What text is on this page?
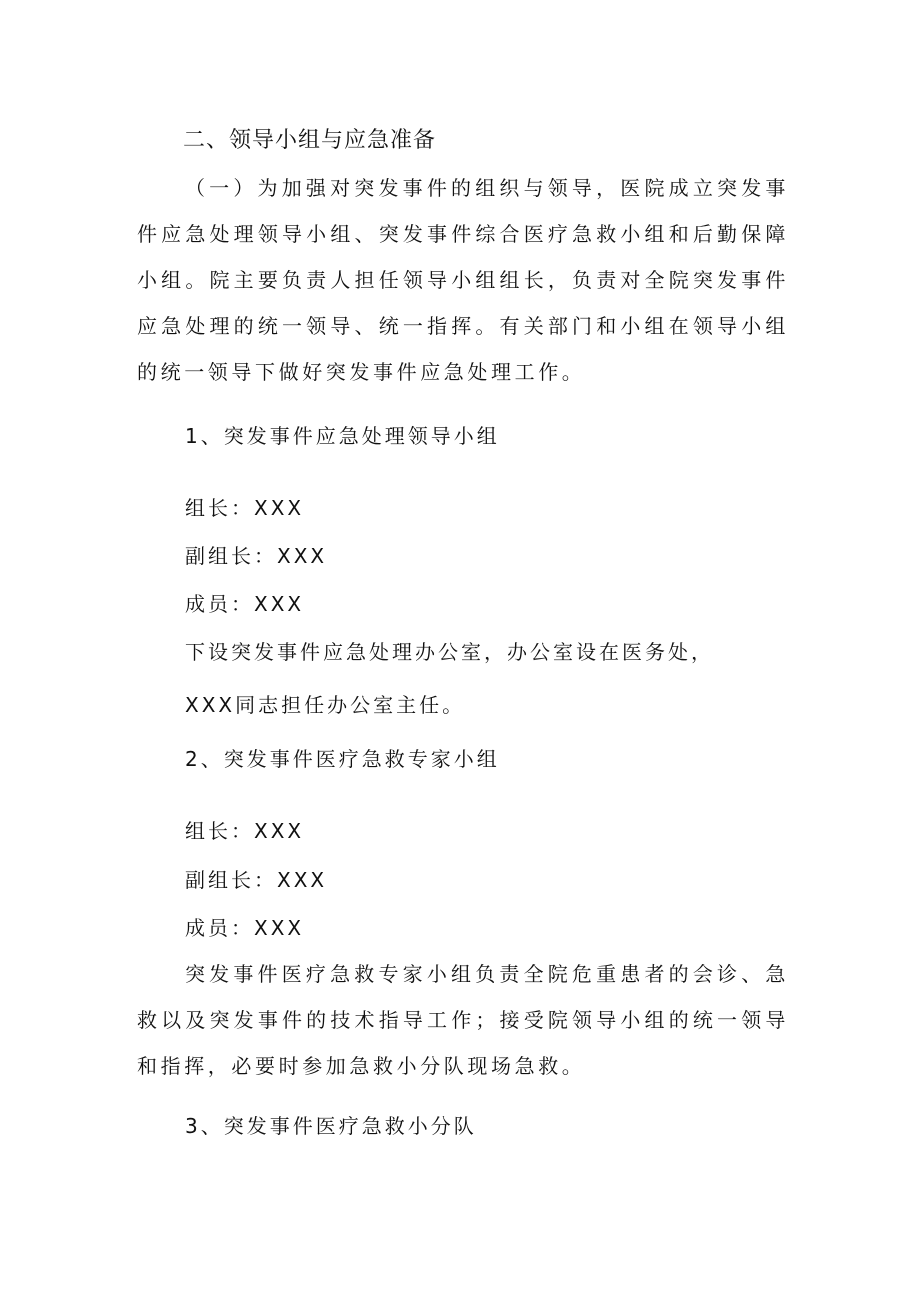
二、领导小组与应急准备
（一）为加强对突发事件的组织与领导，医院成立突发事件应急处理领导小组、突发事件综合医疗急救小组和后勤保障小组。院主要负责人担任领导小组组长，负责对全院突发事件应急处理的统一领导、统一指挥。有关部门和小组在领导小组的统一领导下做好突发事件应急处理工作。
1、突发事件应急处理领导小组
组长：XXX
副组长：XXX
成员：XXX
下设突发事件应急处理办公室，办公室设在医务处，
XXX同志担任办公室主任。
2、突发事件医疗急救专家小组
组长：XXX
副组长：XXX
成员：XXX
突发事件医疗急救专家小组负责全院危重患者的会诊、急救以及突发事件的技术指导工作；接受院领导小组的统一领导和指挥，必要时参加急救小分队现场急救。
3、突发事件医疗急救小分队
